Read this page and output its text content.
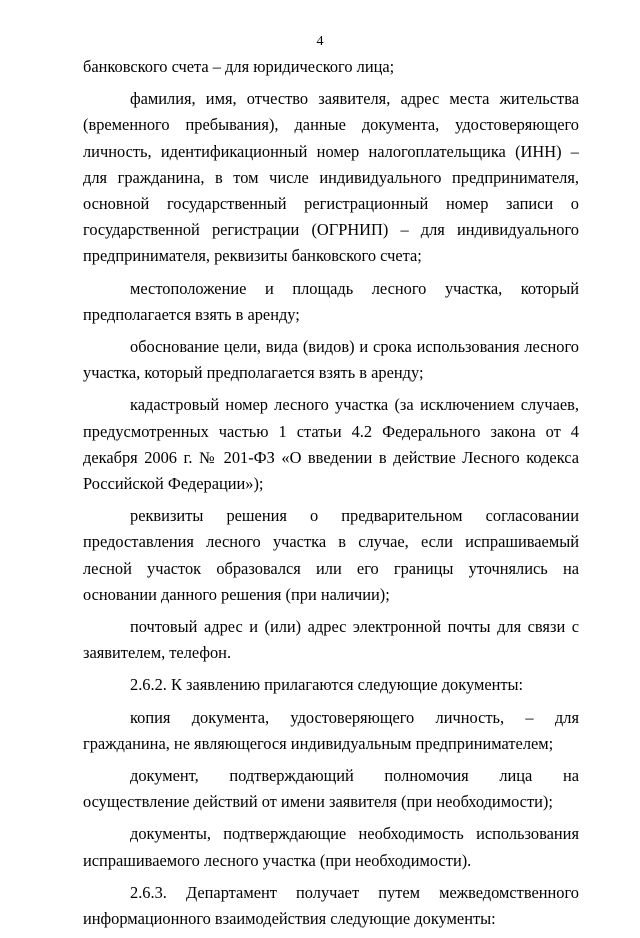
4

банковского счета – для юридического лица;

фамилия, имя, отчество заявителя, адрес места жительства (временного пребывания), данные документа, удостоверяющего личность, идентификационный номер налогоплательщика (ИНН) – для гражданина, в том числе индивидуального предпринимателя, основной государственный регистрационный номер записи о государственной регистрации (ОГРНИП) – для индивидуального предпринимателя, реквизиты банковского счета;

местоположение и площадь лесного участка, который предполагается взять в аренду;

обоснование цели, вида (видов) и срока использования лесного участка, который предполагается взять в аренду;

кадастровый номер лесного участка (за исключением случаев, предусмотренных частью 1 статьи 4.2 Федерального закона от 4 декабря 2006 г. № 201-ФЗ «О введении в действие Лесного кодекса Российской Федерации»);

реквизиты решения о предварительном согласовании предоставления лесного участка в случае, если испрашиваемый лесной участок образовался или его границы уточнялись на основании данного решения (при наличии);

почтовый адрес и (или) адрес электронной почты для связи с заявителем, телефон.

2.6.2. К заявлению прилагаются следующие документы:

копия документа, удостоверяющего личность, – для гражданина, не являющегося индивидуальным предпринимателем;

документ, подтверждающий полномочия лица на осуществление действий от имени заявителя (при необходимости);

документы, подтверждающие необходимость использования испрашиваемого лесного участка (при необходимости).

2.6.3. Департамент получает путем межведомственного информационного взаимодействия следующие документы:
